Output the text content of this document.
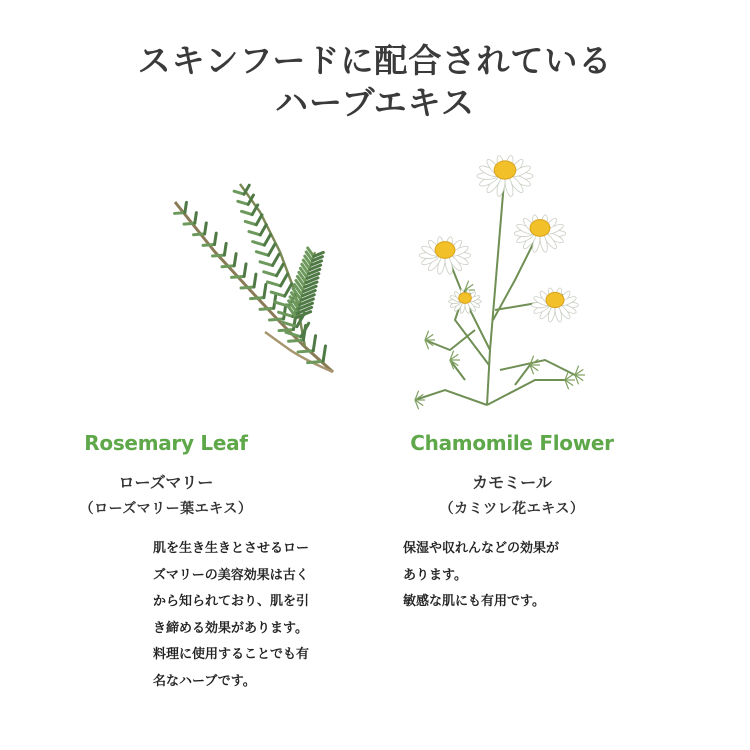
スキンフードに配合されている
ハーブエキス
Rosemary Leaf
ローズマリー
（ローズマリー葉エキス）
肌を生き生きとさせるロー
ズマリーの美容効果は古く
から知られており、肌を引
き締める効果があります。
料理に使用することでも有
名なハーブです。
Chamomile Flower
カモミール
（カミツレ花エキス）
保湿や収れんなどの効果が
あります。
敏感な肌にも有用です。
